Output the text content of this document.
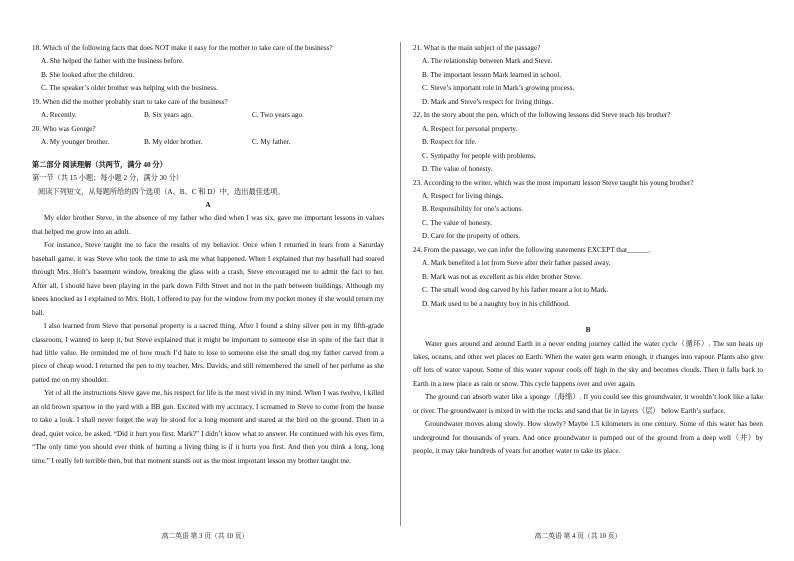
18. Which of the following facts that does NOT make it easy for the mother to take care of the business?
A. She helped the father with the business before.
B. She looked after the children.
C. The speaker’s older brother was helping with the business.
19. When did the mother probably start to take care of the business?
A. Recently.	B. Six years ago.	C. Two years ago.
20. Who was George?
A. My younger brother.	B. My elder brother.	C. My father.
第二部分 阅读理解（共两节，满分 40 分）
第一节（共 15 小题；每小题 2 分，满分 30 分）
阅读下列短文，从每题所给的四个选项（A、B、C 和 D）中，选出最佳选项。
A

My elder brother Steve, in the absence of my father who died when I was six, gave me important lessons in values that helped me grow into an adult.

For instance, Steve taught me to face the results of my behavior. Once when I returned in tears from a Saturday baseball game, it was Steve who took the time to ask me what happened. When I explained that my baseball had soared through Mrs. Holt’s basement window, breaking the glass with a crash, Steve encouraged me to admit the fact to her. After all, I should have been playing in the park down Fifth Street and not in the path between buildings. Although my knees knocked as I explained to Mrs. Holt, I offered to pay for the window from my pocket money if she would return my ball.

I also learned from Steve that personal property is a sacred thing. After I found a shiny silver pen in my fifth-grade classroom, I wanted to keep it, but Steve explained that it might be important to someone else in spite of the fact that it had little value. He reminded me of how much I’d hate to lose to someone else the small dog my father carved from a piece of cheap wood. I returned the pen to my teacher, Mrs. Davids, and still remembered the smell of her perfume as she patted me on my shoulder.

Yet of all the instructions Steve gave me, his respect for life is the most vivid in my mind. When I was twelve, I killed an old brown sparrow in the yard with a BB gun. Excited with my accuracy, I screamed to Steve to come from the house to take a look. I shall never forget the way he stood for a long moment and stared at the bird on the ground. Then in a dead, quiet voice, he asked, “Did it hurt you first, Mark?” I didn’t know what to answer. He continued with his eyes firm, “The only time you should ever think of hurting a living thing is if it hurts you first. And then you think a long, long time.” I really felt terrible then, but that moment stands out as the most important lesson my brother taught me.

21. What is the main subject of the passage?
A. The relationship between Mark and Steve.
B. The important lesson Mark learned in school.
C. Steve’s important role in Mark’s growing process.
D. Mark and Steve’s respect for living things.
22. In the story about the pen, which of the following lessons did Steve teach his brother?
A. Respect for personal property.
B. Respect for life.
C. Sympathy for people with problems.
D. The value of honesty.
23. According to the writer, which was the most important lesson Steve taught his young brother?
A. Respect for living things.
B. Responsibility for one’s actions.
C. The value of honesty.
D. Care for the property of others.
24. From the passage, we can infer the following statements EXCEPT that______.
A. Mark benefited a lot from Steve after their father passed away.
B. Mark was not as excellent as his elder brother Steve.
C. The small wood dog carved by his father meant a lot to Mark.
D. Mark used to be a naughty boy in his childhood.
B

Water goes around and around Earth in a never ending journey called the water cycle（循环）. The sun heats up lakes, oceans, and other wet places on Earth. When the water gets warm enough, it changes into vapour. Plants also give off lots of water vapour. Some of this water vapour cools off high in the sky and becomes clouds. Then it falls back to Earth in a new place as rain or snow. This cycle happens over and over again.

The ground can absorb water like a sponge（海绵）. If you could see this groundwater, it wouldn’t look like a lake or river. The groundwater is mixed in with the rocks and sand that lie in layers（层） below Earth’s surface.

Groundwater moves along slowly. How slowly? Maybe 1.5 kilometers in one century. Some of this water has been underground for thousands of years. And once groundwater is pumped out of the ground from a deep well（井）by people, it may take hundreds of years for another water to take its place.

高二英语 第 3 页（共 10 页）	高二英语 第 4 页（共 10 页）
